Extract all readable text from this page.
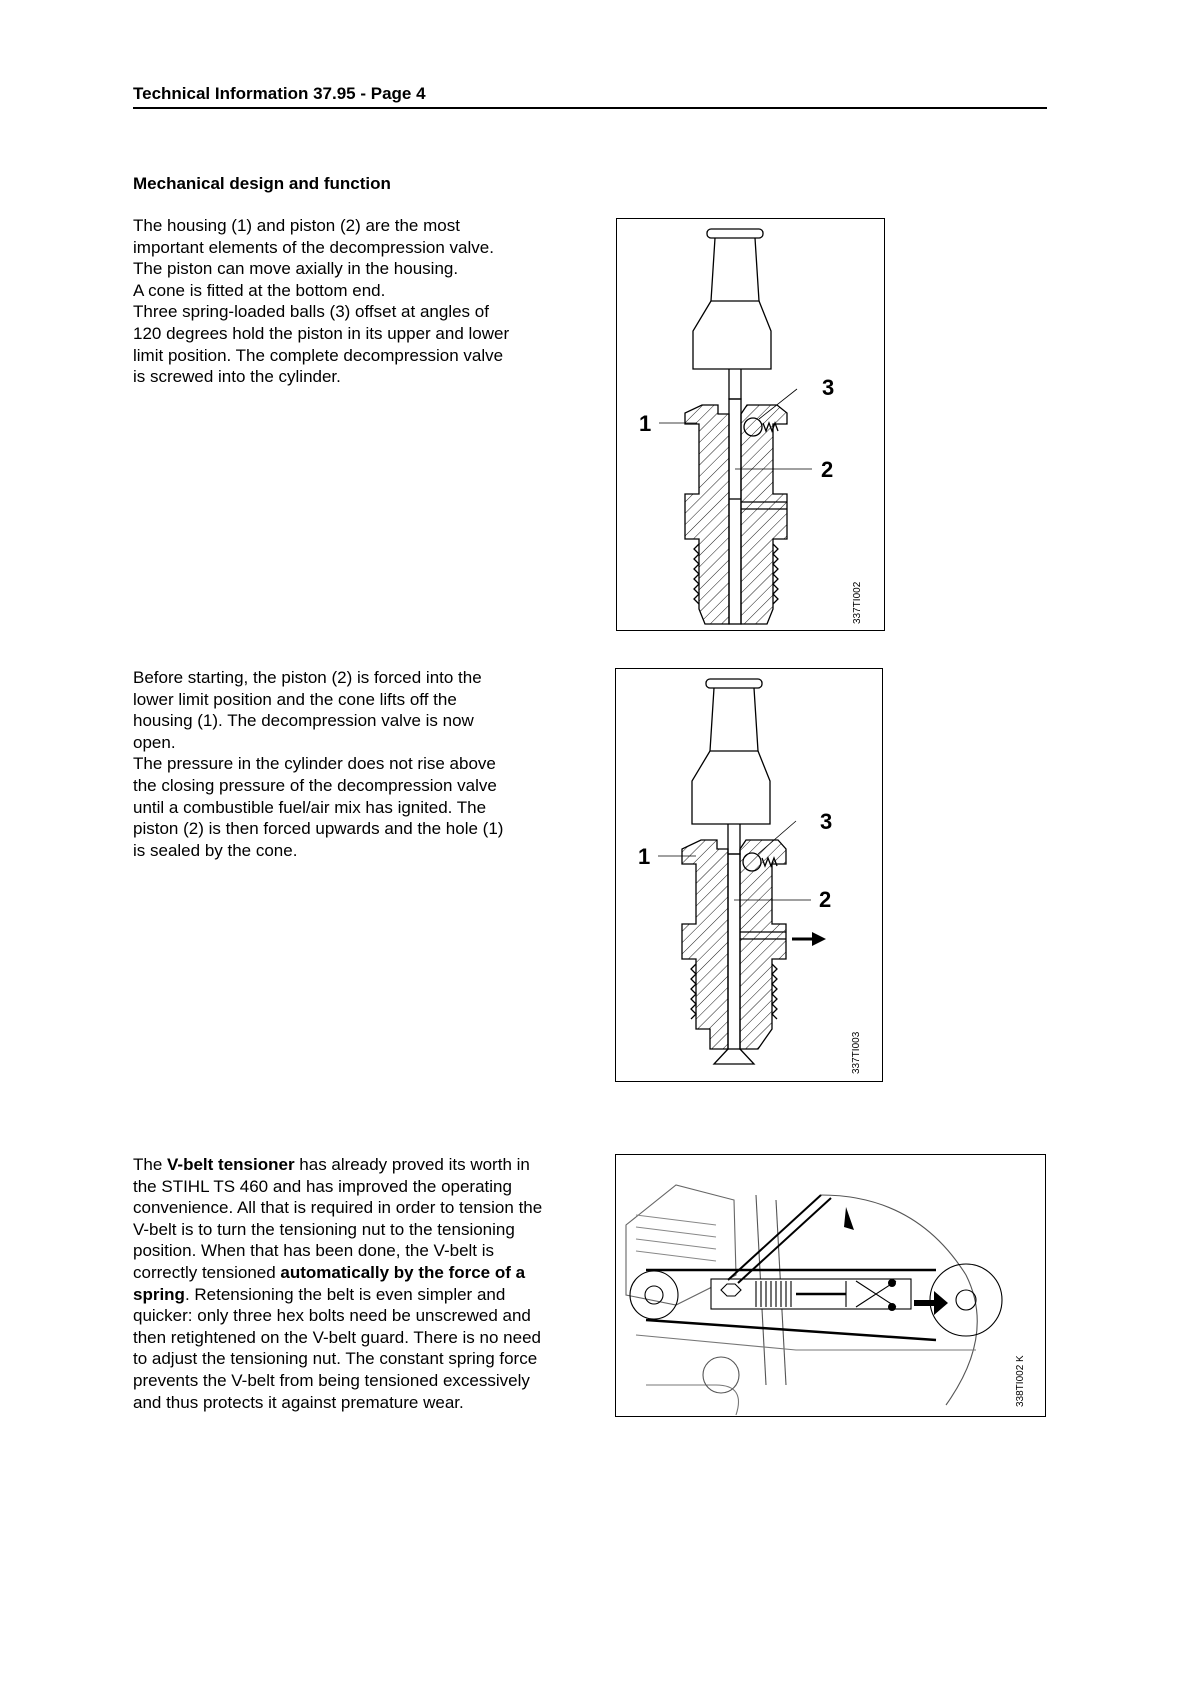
Technical Information 37.95 - Page 4
Mechanical design and function

The housing (1) and piston (2) are the most

important elements of the decompression valve.

The piston can move axially in the housing.

A cone is fitted at the bottom end.

Three spring-loaded balls (3) offset at angles of

120 degrees hold the piston in its upper and lower

limit position. The complete decompression valve

is screwed into the cylinder.

Before starting, the piston (2) is forced into the

lower limit position and the cone lifts off the

housing (1). The decompression valve is now

open.

The pressure in the cylinder does not rise above

the closing pressure of the decompression valve

until a combustible fuel/air mix has ignited. The

piston (2) is then forced upwards and the hole (1)

is sealed by the cone.

The V-belt tensioner has already proved its worth in the STIHL TS 460 and has improved the operating convenience. All that is required in order to tension the V-belt is to turn the tensioning nut to the tensioning position. When that has been done, the V-belt is correctly tensioned automatically by the force of a spring. Retensioning the belt is even simpler and quicker: only three hex bolts need be unscrewed and then retightened on the V-belt guard. There is no need to adjust the tensioning nut. The constant spring force prevents the V-belt from being tensioned excessively and thus protects it against premature wear.

1
3
2
337TI002
1
3
2
337TI003
338TI002 K
